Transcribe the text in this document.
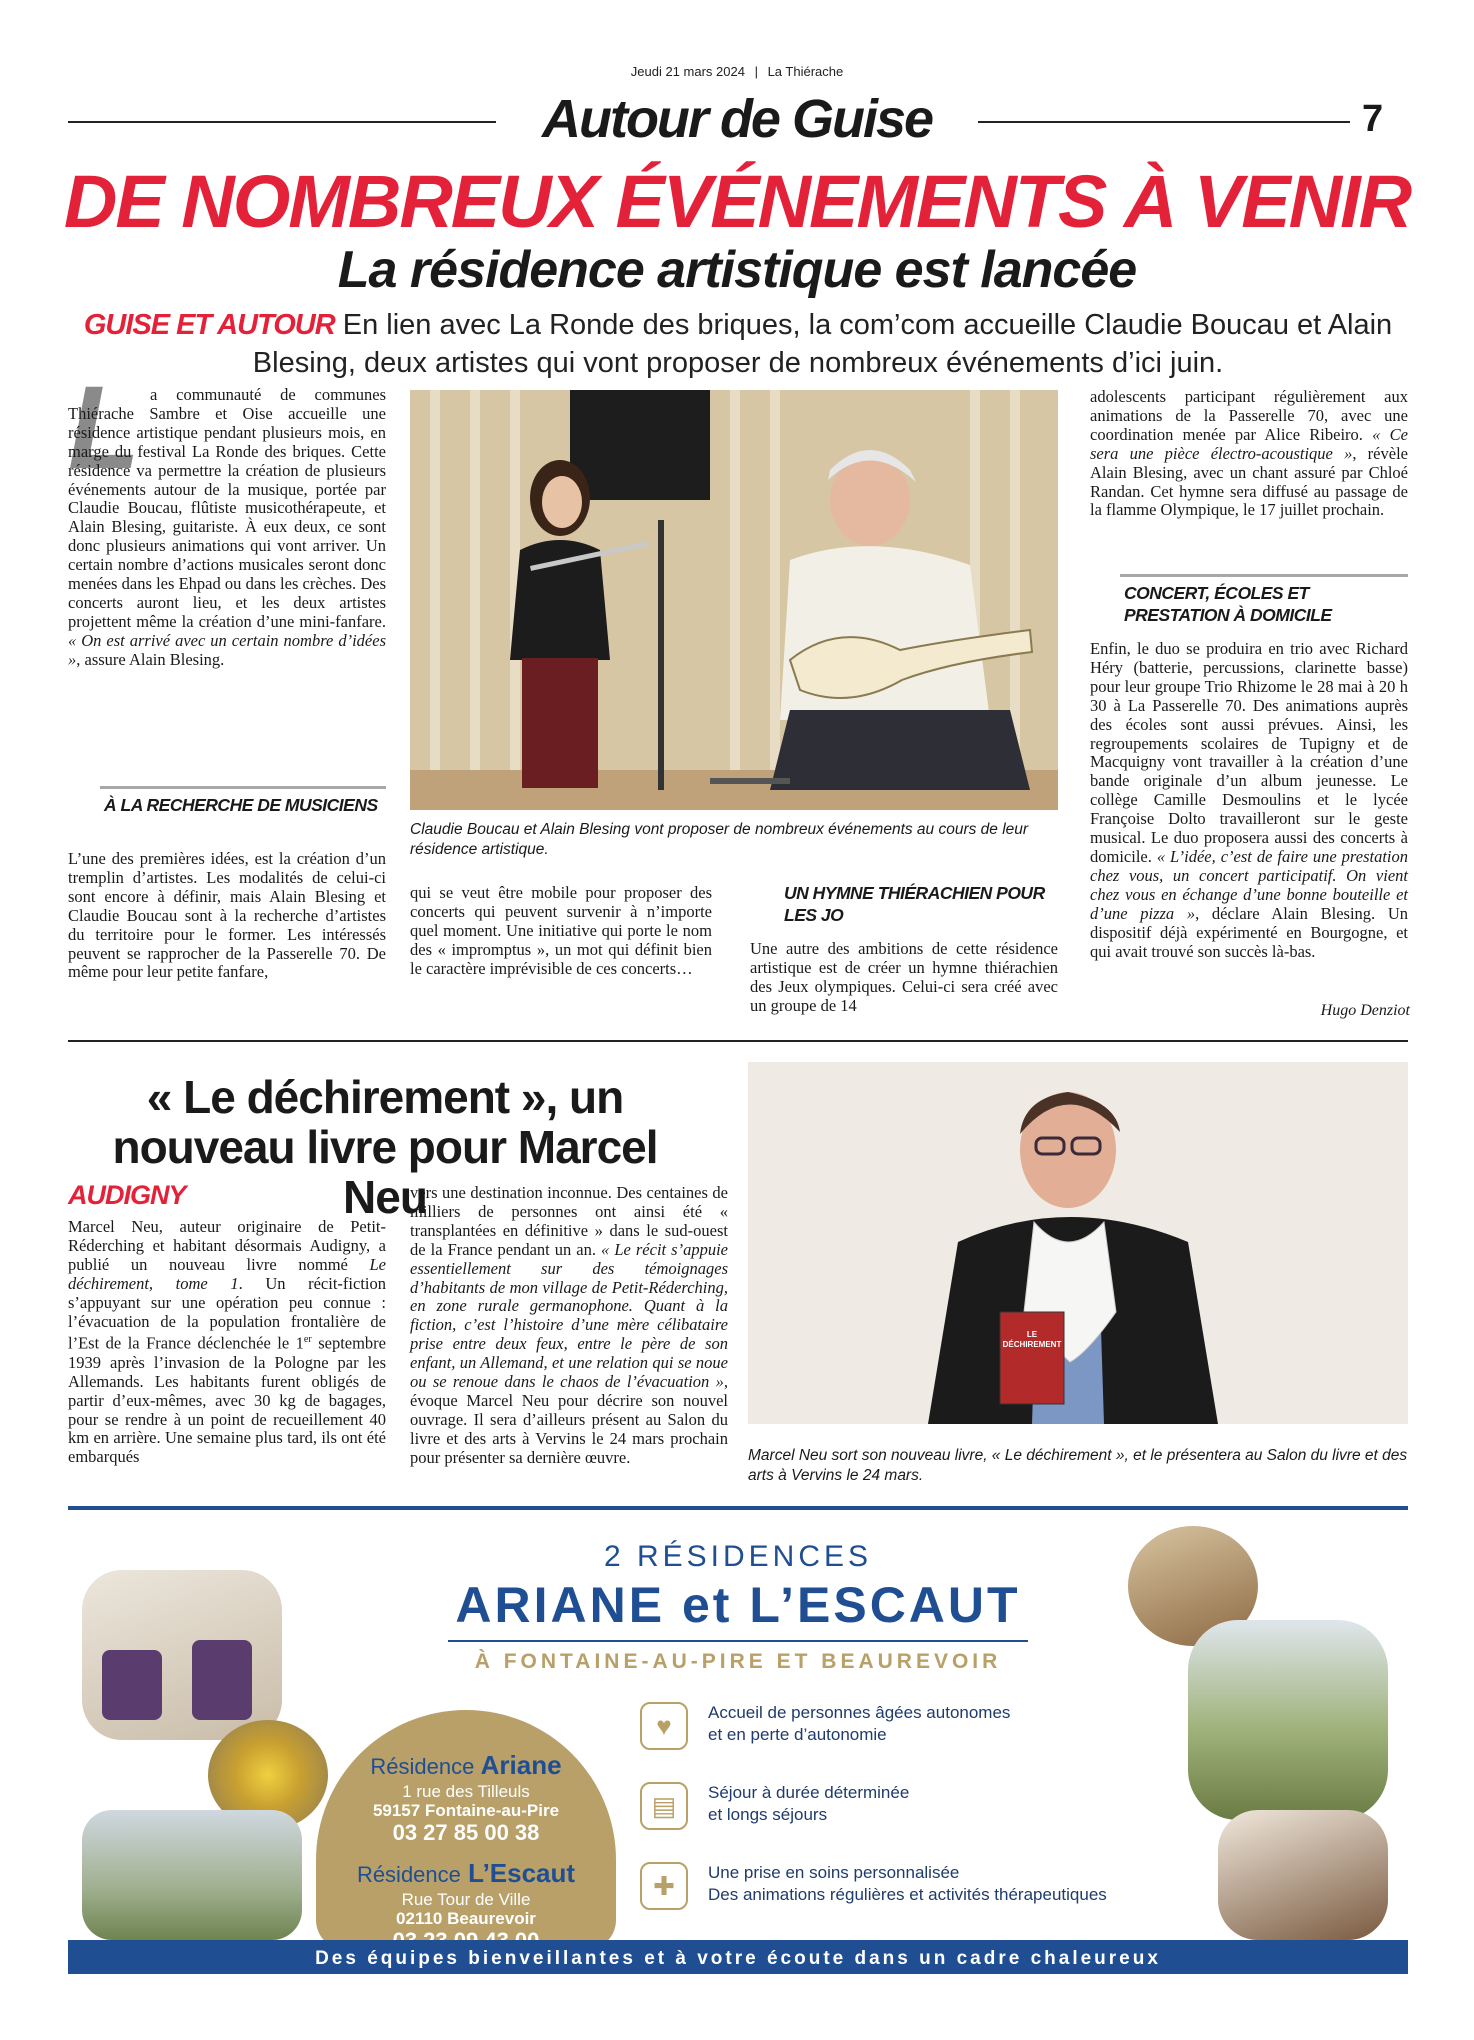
Jeudi 21 mars 2024 | La Thiérache
Autour de Guise	7
DE NOMBREUX ÉVÉNEMENTS À VENIR
La résidence artistique est lancée
GUISE ET AUTOUR En lien avec La Ronde des briques, la com’com accueille Claudie Boucau et Alain Blesing, deux artistes qui vont proposer de nombreux événements d’ici juin.
L a communauté de communes Thiérache Sambre et Oise accueille une résidence artistique pendant plusieurs mois, en marge du festival La Ronde des briques. Cette résidence va permettre la création de plusieurs événements autour de la musique, portée par Claudie Boucau, flûtiste musicothérapeute, et Alain Blesing, guitariste. À eux deux, ce sont donc plusieurs animations qui vont arriver. Un certain nombre d’actions musicales seront donc menées dans les Ehpad ou dans les crèches. Des concerts auront lieu, et les deux artistes projettent même la création d’une mini-fanfare. « On est arrivé avec un certain nombre d’idées », assure Alain Blesing.

À LA RECHERCHE DE MUSICIENS
L’une des premières idées, est la création d’un tremplin d’artistes. Les modalités de celui-ci sont encore à définir, mais Alain Blesing et Claudie Boucau sont à la recherche d’artistes du territoire pour le former. Les intéressés peuvent se rapprocher de la Passerelle 70. De même pour leur petite fanfare,
Claudie Boucau et Alain Blesing vont proposer de nombreux événements au cours de leur résidence artistique.
qui se veut être mobile pour proposer des concerts qui peuvent survenir à n’importe quel moment. Une initiative qui porte le nom des « impromptus », un mot qui définit bien le caractère imprévisible de ces concerts…
UN HYMNE THIÉRACHIEN POUR LES JO
Une autre des ambitions de cette résidence artistique est de créer un hymne thiérachien des Jeux olympiques. Celui-ci sera créé avec un groupe de 14
adolescents participant régulièrement aux animations de la Passerelle 70, avec une coordination menée par Alice Ribeiro. « Ce sera une pièce électro-acoustique », révèle Alain Blesing, avec un chant assuré par Chloé Randan. Cet hymne sera diffusé au passage de la flamme Olympique, le 17 juillet prochain.
CONCERT, ÉCOLES ET PRESTATION À DOMICILE
Enfin, le duo se produira en trio avec Richard Héry (batterie, percussions, clarinette basse) pour leur groupe Trio Rhizome le 28 mai à 20 h 30 à La Passerelle 70. Des animations auprès des écoles sont aussi prévues. Ainsi, les regroupements scolaires de Tupigny et de Macquigny vont travailler à la création d’une bande originale d’un album jeunesse. Le collège Camille Desmoulins et le lycée Françoise Dolto travailleront sur le geste musical. Le duo proposera aussi des concerts à domicile. « L’idée, c’est de faire une prestation chez vous, un concert participatif. On vient chez vous en échange d’une bonne bouteille et d’une pizza », déclare Alain Blesing. Un dispositif déjà expérimenté en Bourgogne, et qui avait trouvé son succès là-bas.
Hugo Denziot
« Le déchirement », un nouveau livre pour Marcel Neu
AUDIGNY
Marcel Neu, auteur originaire de Petit-Réderching et habitant désormais Audigny, a publié un nouveau livre nommé Le déchirement, tome 1. Un récit-fiction s’appuyant sur une opération peu connue : l’évacuation de la population frontalière de l’Est de la France déclenchée le 1er septembre 1939 après l’invasion de la Pologne par les Allemands. Les habitants furent obligés de partir d’eux-mêmes, avec 30 kg de bagages, pour se rendre à un point de recueillement 40 km en arrière. Une semaine plus tard, ils ont été embarqués
vers une destination inconnue. Des centaines de milliers de personnes ont ainsi été « transplantées en définitive » dans le sud-ouest de la France pendant un an. « Le récit s’appuie essentiellement sur des témoignages d’habitants de mon village de Petit-Réderching, en zone rurale germanophone. Quant à la fiction, c’est l’histoire d’une mère célibataire prise entre deux feux, entre le père de son enfant, un Allemand, et une relation qui se noue ou se renoue dans le chaos de l’évacuation », évoque Marcel Neu pour décrire son nouvel ouvrage. Il sera d’ailleurs présent au Salon du livre et des arts à Vervins le 24 mars prochain pour présenter sa dernière œuvre.
LE DÉCHIREMENT
Marcel Neu sort son nouveau livre, « Le déchirement », et le présentera au Salon du livre et des arts à Vervins le 24 mars.
2 RÉSIDENCES
ARIANE et L’ESCAUT
À FONTAINE-AU-PIRE ET BEAUREVOIR
Résidence Ariane
1 rue des Tilleuls
59157 Fontaine-au-Pire
03 27 85 00 38
Résidence L’Escaut
Rue Tour de Ville
02110 Beaurevoir
♥	Accueil de personnes âgées autonomes
et en perte d’autonomie
▤	Séjour à durée déterminée
et longs séjours
✚	Une prise en soins personnalisée
Des animations régulières et activités thérapeutiques
Des équipes bienveillantes et à votre écoute dans un cadre chaleureux
